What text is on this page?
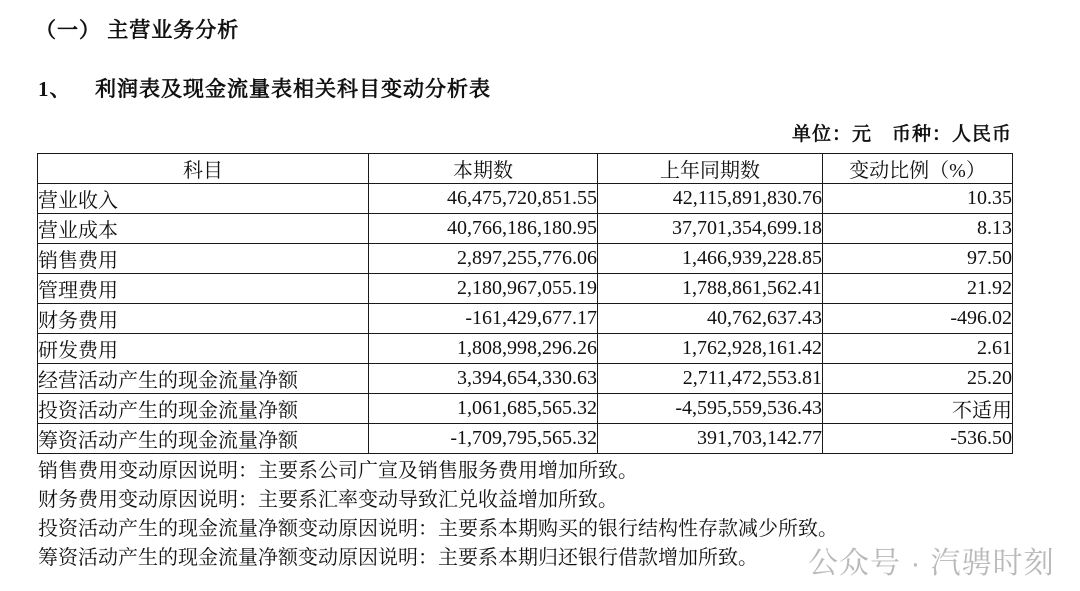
（一） 主营业务分析
1、 利润表及现金流量表相关科目变动分析表
单位：元　币种：人民币
科目	本期数	上年同期数	变动比例（%）
营业收入	46,475,720,851.55	42,115,891,830.76	10.35
营业成本	40,766,186,180.95	37,701,354,699.18	8.13
销售费用	2,897,255,776.06	1,466,939,228.85	97.50
管理费用	2,180,967,055.19	1,788,861,562.41	21.92
财务费用	-161,429,677.17	40,762,637.43	-496.02
研发费用	1,808,998,296.26	1,762,928,161.42	2.61
经营活动产生的现金流量净额	3,394,654,330.63	2,711,472,553.81	25.20
投资活动产生的现金流量净额	1,061,685,565.32	-4,595,559,536.43	不适用
筹资活动产生的现金流量净额	-1,709,795,565.32	391,703,142.77	-536.50
销售费用变动原因说明：主要系公司广宣及销售服务费用增加所致。
财务费用变动原因说明：主要系汇率变动导致汇兑收益增加所致。
投资活动产生的现金流量净额变动原因说明：主要系本期购买的银行结构性存款减少所致。
筹资活动产生的现金流量净额变动原因说明：主要系本期归还银行借款增加所致。	公众号 · 汽骋时刻
